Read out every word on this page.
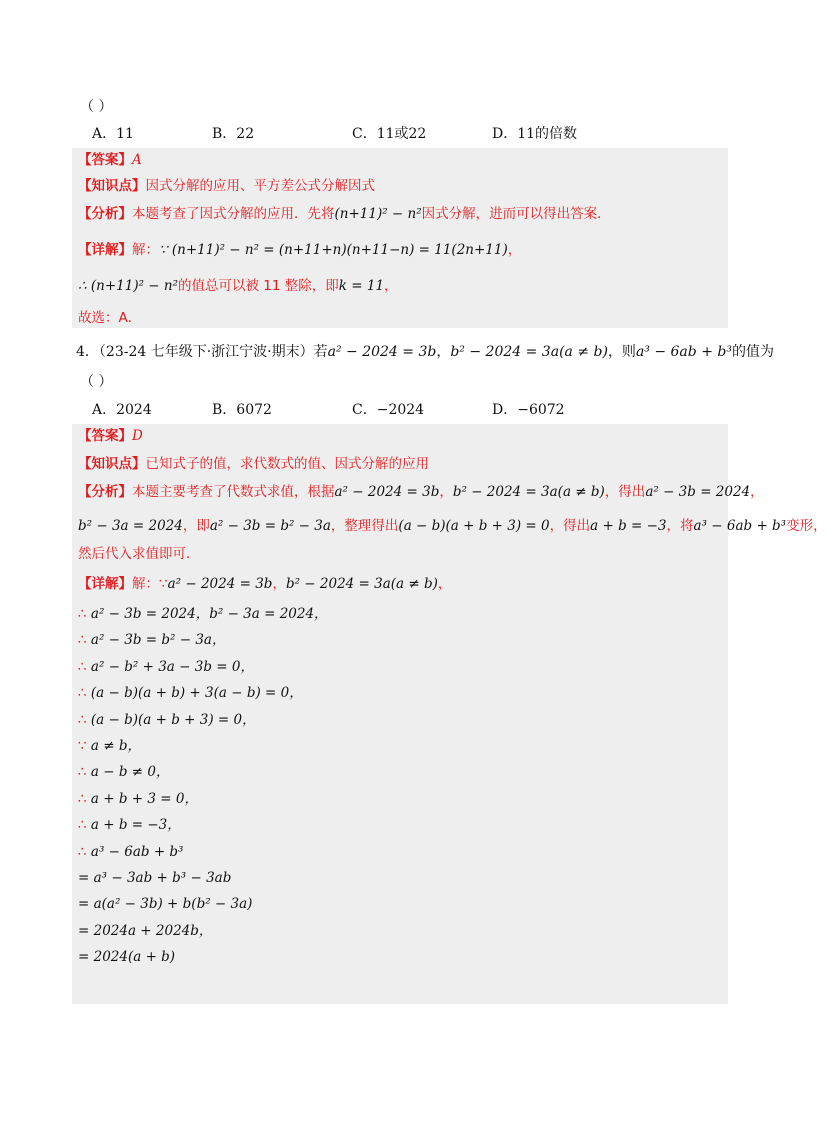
（ ）
A．11	B．22	C．11或22	D．11的倍数
【答案】A
【知识点】因式分解的应用、平方差公式分解因式
【分析】本题考查了因式分解的应用．先将(n+11)² − n²因式分解，进而可以得出答案．
【详解】解：∵ (n+11)² − n² = (n+11+n)(n+11−n) = 11(2n+11)，
∴ (n+11)² − n²的值总可以被 11 整除，即k = 11，
故选：A．
4．（23-24 七年级下·浙江宁波·期末）若a² − 2024 = 3b，b² − 2024 = 3a(a ≠ b)，则a³ − 6ab + b³的值为
（ ）
A．2024	B．6072	C．−2024	D．−6072
【答案】D
【知识点】已知式子的值，求代数式的值、因式分解的应用
【分析】本题主要考查了代数式求值，根据a² − 2024 = 3b，b² − 2024 = 3a(a ≠ b)，得出a² − 3b = 2024，
b² − 3a = 2024，即a² − 3b = b² − 3a，整理得出(a − b)(a + b + 3) = 0，得出a + b = −3，将a³ − 6ab + b³变形，
然后代入求值即可．
【详解】解：∵a² − 2024 = 3b，b² − 2024 = 3a(a ≠ b)，
∴ a² − 3b = 2024，b² − 3a = 2024，
∴ a² − 3b = b² − 3a，
∴ a² − b² + 3a − 3b = 0，
∴ (a − b)(a + b) + 3(a − b) = 0，
∴ (a − b)(a + b + 3) = 0，
∵ a ≠ b，
∴ a − b ≠ 0，
∴ a + b + 3 = 0，
∴ a + b = −3，
∴ a³ − 6ab + b³
= a³ − 3ab + b³ − 3ab
= a(a² − 3b) + b(b² − 3a)
= 2024a + 2024b，
= 2024(a + b)
